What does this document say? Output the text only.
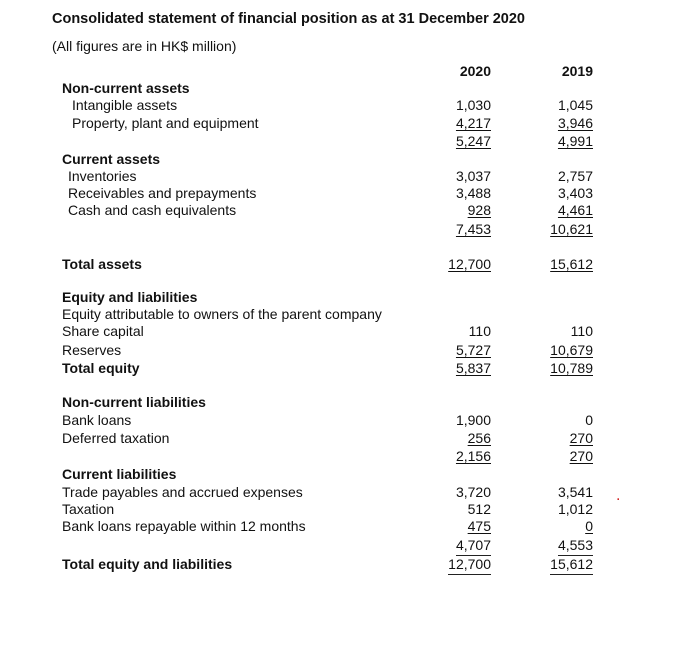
Consolidated statement of financial position as at 31 December 2020
(All figures are in HK$ million)
2020	2019
Non-current assets
Intangible assets	1,030	1,045
Property, plant and equipment	4,217	3,946
5,247	4,991
Current assets
Inventories	3,037	2,757
Receivables and prepayments	3,488	3,403
Cash and cash equivalents	928	4,461
7,453	10,621
Total assets	12,700	15,612
Equity and liabilities
Equity attributable to owners of the parent company
Share capital	110	110
Reserves	5,727	10,679
Total equity	5,837	10,789
Non-current liabilities
Bank loans	1,900	0
Deferred taxation	256	270
2,156	270
Current liabilities
Trade payables and accrued expenses	3,720	3,541 .
Taxation	512	1,012
Bank loans repayable within 12 months	475	0
4,707	4,553
Total equity and liabilities	12,700	15,612
